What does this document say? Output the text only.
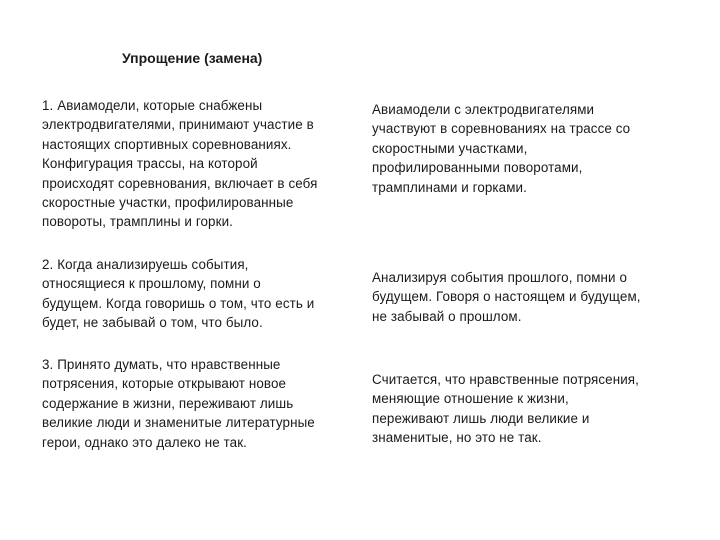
Упрощение (замена)
1. Авиамодели, которые снабжены
электродвигателями, принимают участие в
настоящих спортивных соревнованиях.
Конфигурация трассы, на которой
происходят соревнования, включает в себя
скоростные участки, профилированные
повороты, трамплины и горки.
Авиамодели с электродвигателями
участвуют в соревнованиях на трассе со
скоростными участками,
профилированными поворотами,
трамплинами и горками.
2. Когда анализируешь события,
относящиеся к прошлому, помни о
будущем. Когда говоришь о том, что есть и
будет, не забывай о том, что было.
Анализируя события прошлого, помни о
будущем. Говоря о настоящем и будущем,
не забывай о прошлом.
3. Принято думать, что нравственные
потрясения, которые открывают новое
содержание в жизни, переживают лишь
великие люди и знаменитые литературные
герои, однако это далеко не так.
Считается, что нравственные потрясения,
меняющие отношение к жизни,
переживают лишь люди великие и
знаменитые, но это не так.
